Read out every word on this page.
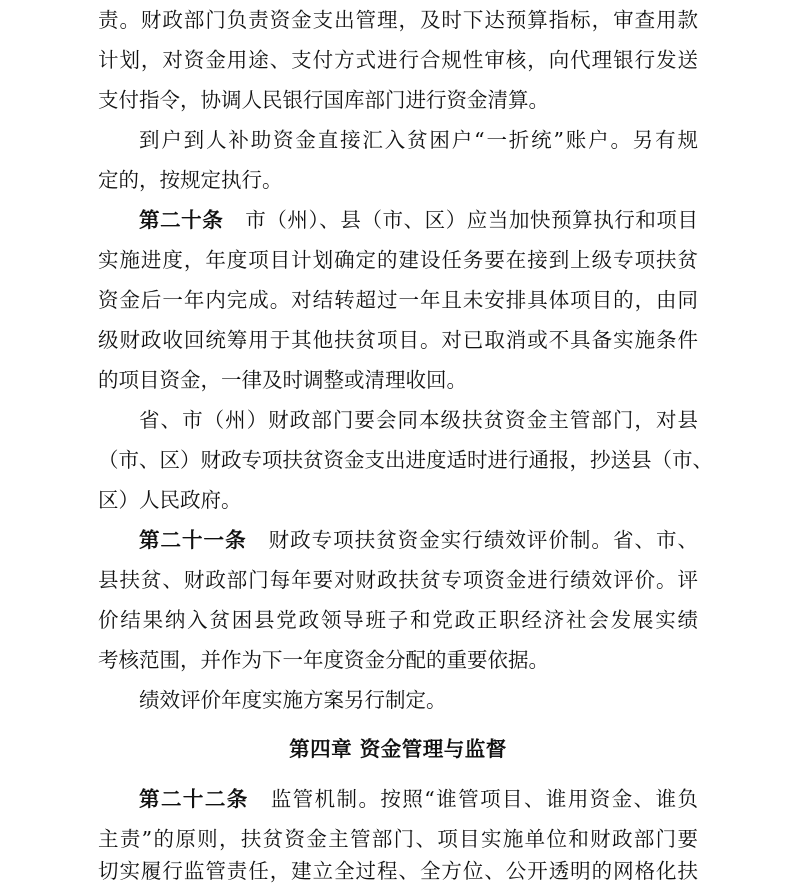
责。财政部门负责资金支出管理，及时下达预算指标，审查用款
计划，对资金用途、支付方式进行合规性审核，向代理银行发送
支付指令，协调人民银行国库部门进行资金清算。
到户到人补助资金直接汇入贫困户“一折统”账户。另有规
定的，按规定执行。
第二十条 市（州）、县（市、区）应当加快预算执行和项目
实施进度，年度项目计划确定的建设任务要在接到上级专项扶贫
资金后一年内完成。对结转超过一年且未安排具体项目的，由同
级财政收回统筹用于其他扶贫项目。对已取消或不具备实施条件
的项目资金，一律及时调整或清理收回。
省、市（州）财政部门要会同本级扶贫资金主管部门，对县
（市、区）财政专项扶贫资金支出进度适时进行通报，抄送县（市、
区）人民政府。
第二十一条 财政专项扶贫资金实行绩效评价制。省、市、
县扶贫、财政部门每年要对财政扶贫专项资金进行绩效评价。评
价结果纳入贫困县党政领导班子和党政正职经济社会发展实绩
考核范围，并作为下一年度资金分配的重要依据。
绩效评价年度实施方案另行制定。
第四章 资金管理与监督
第二十二条 监管机制。按照“谁管项目、谁用资金、谁负
主责”的原则，扶贫资金主管部门、项目实施单位和财政部门要
切实履行监管责任，建立全过程、全方位、公开透明的网格化扶
